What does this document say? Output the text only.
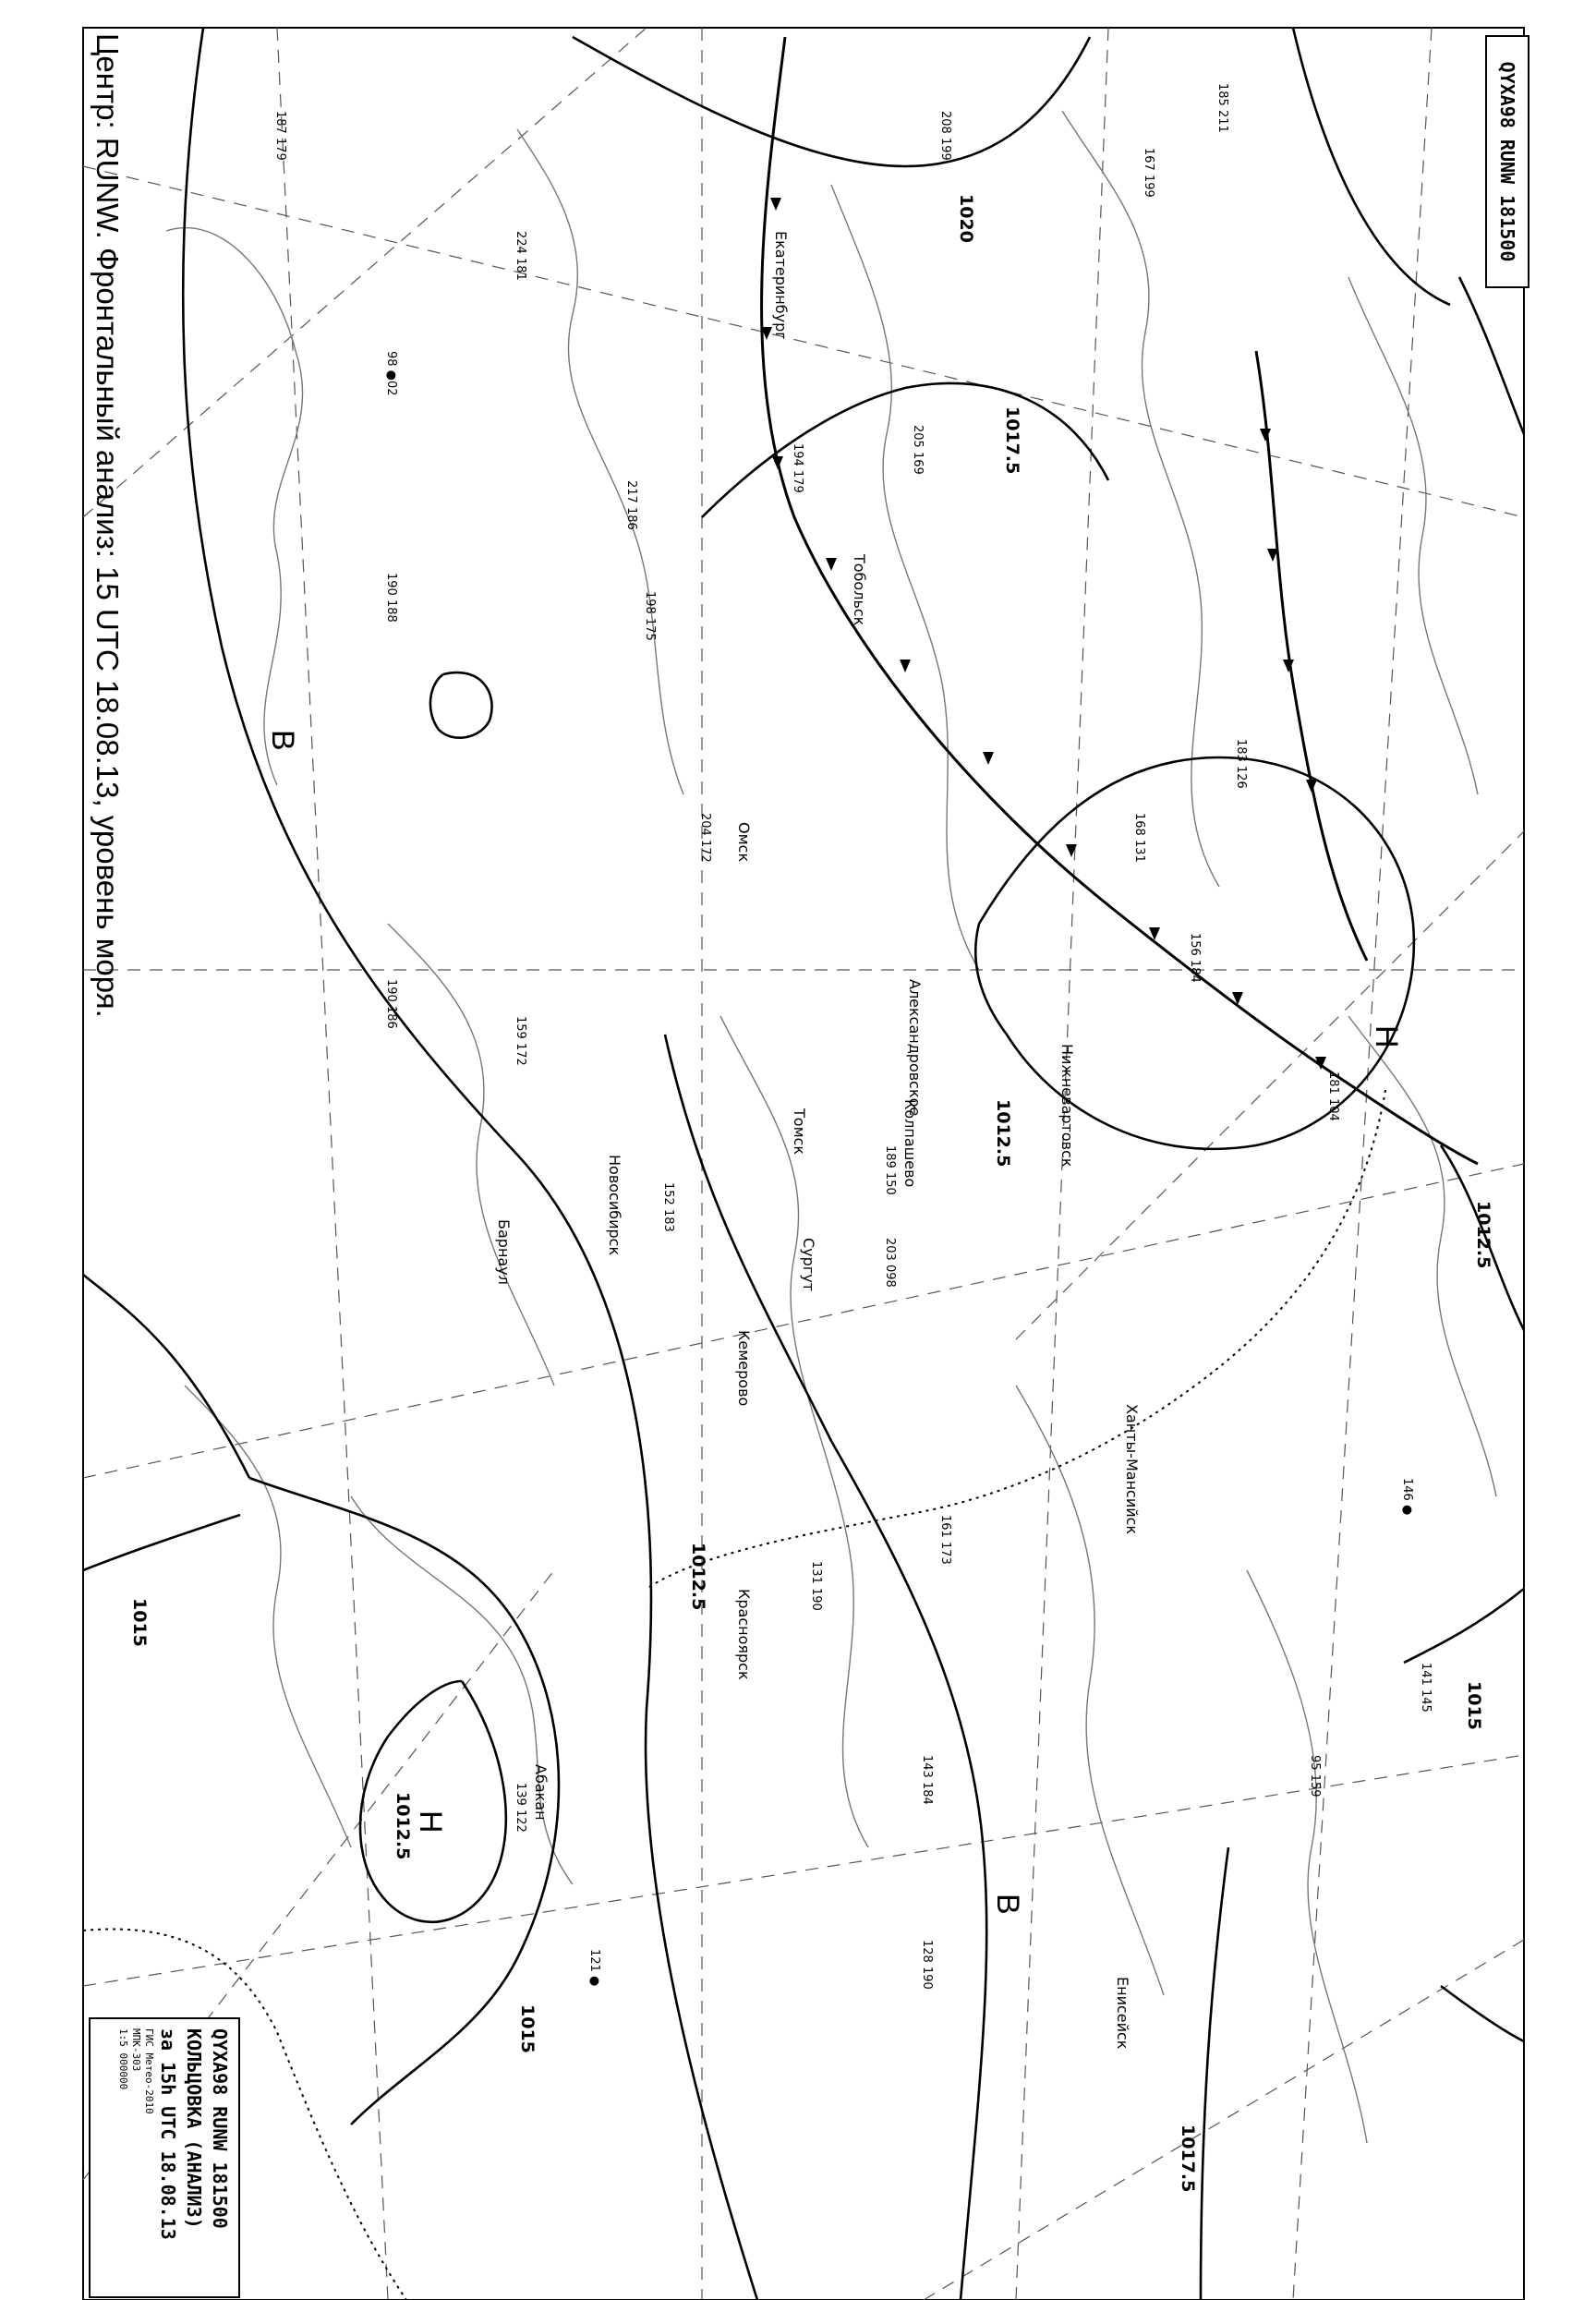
1020
1017.5
1012.5
1012.5
1015
1012.5
1012.5
1015
1015
1017.5
В
В
Н
Н
Екатеринбург
Тобольск
Омск
Новосибирск
Барнаул
Кемерово
Красноярск
Абакан
Томск	Колпашево
Александровское
Енисейск
Ханты-Мансийск
Нижневартовск
Сургут
187 179
98 ●02
190 188
224 181
217 186
204 172
185 211
146 ●
190 186
159 172
121 ●
139 122
141 145
95 159
167 199
189 150
203 098
161 173
156 184
152 183
131 190
208 199
194 179	205 169
198 175
183 126
168 131
143 184
181 104
128 190
Центр: RUNW. Фронтальный анализ: 15 UTC 18.08.13, уровень моря.	QYXA98 RUNW 181500
QYXA98 RUNW 181500
КОЛЬЦОВКА (АНАЛИЗ)
за 15h UTC 18.08.13
ГИС Метео-2010
МПК-303
1:5 000000
